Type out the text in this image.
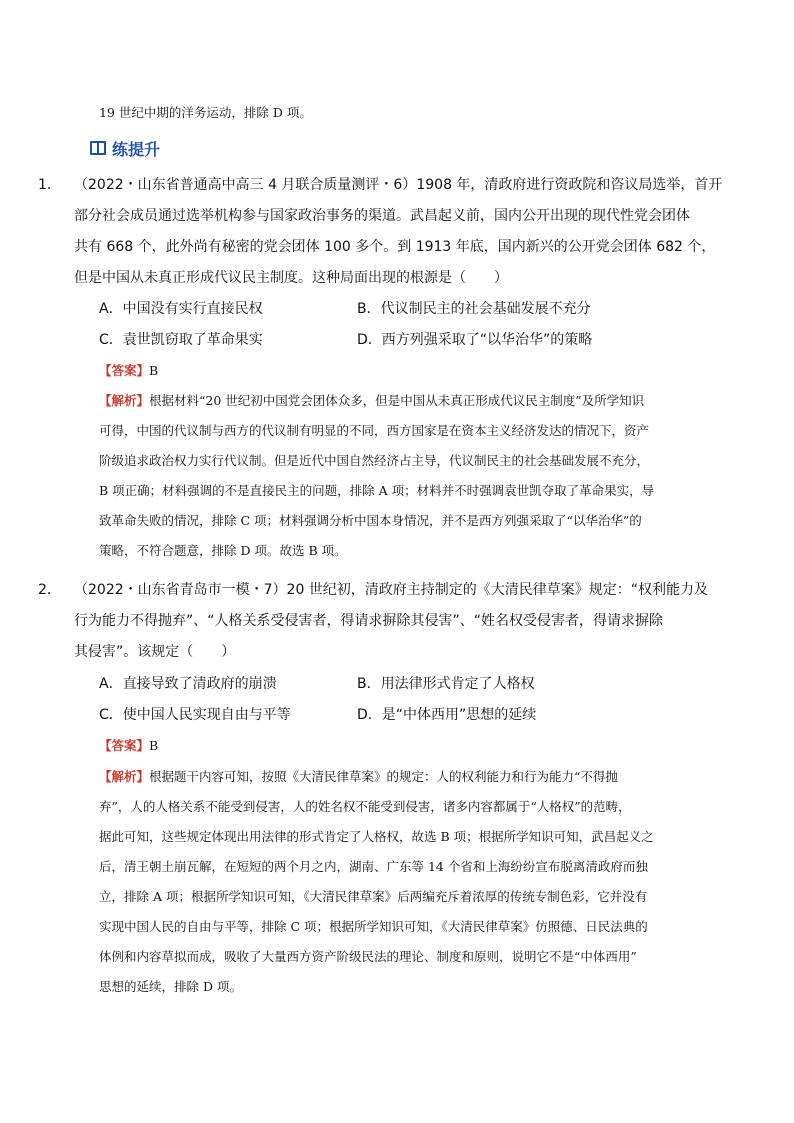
19 世纪中期的洋务运动，排除 D 项。
练提升
1． （2022・山东省普通高中高三 4 月联合质量测评・6）1908 年，清政府进行资政院和咨议局选举，首开
部分社会成员通过选举机构参与国家政治事务的渠道。武昌起义前，国内公开出现的现代性党会团体
共有 668 个，此外尚有秘密的党会团体 100 多个。到 1913 年底，国内新兴的公开党会团体 682 个，
但是中国从未真正形成代议民主制度。这种局面出现的根源是（　　）
A．中国没有实行直接民权	B．代议制民主的社会基础发展不充分
C．袁世凯窃取了革命果实	D．西方列强采取了“以华治华”的策略
【答案】B
【解析】根据材料“20 世纪初中国党会团体众多，但是中国从未真正形成代议民主制度”及所学知识
可得，中国的代议制与西方的代议制有明显的不同，西方国家是在资本主义经济发达的情况下，资产
阶级追求政治权力实行代议制。但是近代中国自然经济占主导，代议制民主的社会基础发展不充分，
B 项正确；材料强调的不是直接民主的问题，排除 A 项；材料并不时强调袁世凯夺取了革命果实，导
致革命失败的情况，排除 C 项；材料强调分析中国本身情况，并不是西方列强采取了“以华治华”的
策略，不符合题意，排除 D 项。故选 B 项。
2． （2022・山东省青岛市一模・7）20 世纪初，清政府主持制定的《大清民律草案》规定：“权利能力及
行为能力不得抛弃”、“人格关系受侵害者，得请求摒除其侵害”、“姓名权受侵害者，得请求摒除
其侵害”。该规定（　　）
A．直接导致了清政府的崩溃	B．用法律形式肯定了人格权
C．使中国人民实现自由与平等	D．是“中体西用”思想的延续
【答案】B
【解析】根据题干内容可知，按照《大清民律草案》的规定：人的权利能力和行为能力“不得抛
弃”，人的人格关系不能受到侵害，人的姓名权不能受到侵害，诸多内容都属于“人格权”的范畴，
据此可知，这些规定体现出用法律的形式肯定了人格权，故选 B 项；根据所学知识可知，武昌起义之
后，清王朝土崩瓦解，在短短的两个月之内，湖南、广东等 14 个省和上海纷纷宣布脱离清政府而独
立，排除 A 项；根据所学知识可知，《大清民律草案》后两编充斥着浓厚的传统专制色彩，它并没有
实现中国人民的自由与平等，排除 C 项；根据所学知识可知，《大清民律草案》仿照德、日民法典的
体例和内容草拟而成，吸收了大量西方资产阶级民法的理论、制度和原则，说明它不是“中体西用”
思想的延续，排除 D 项。
